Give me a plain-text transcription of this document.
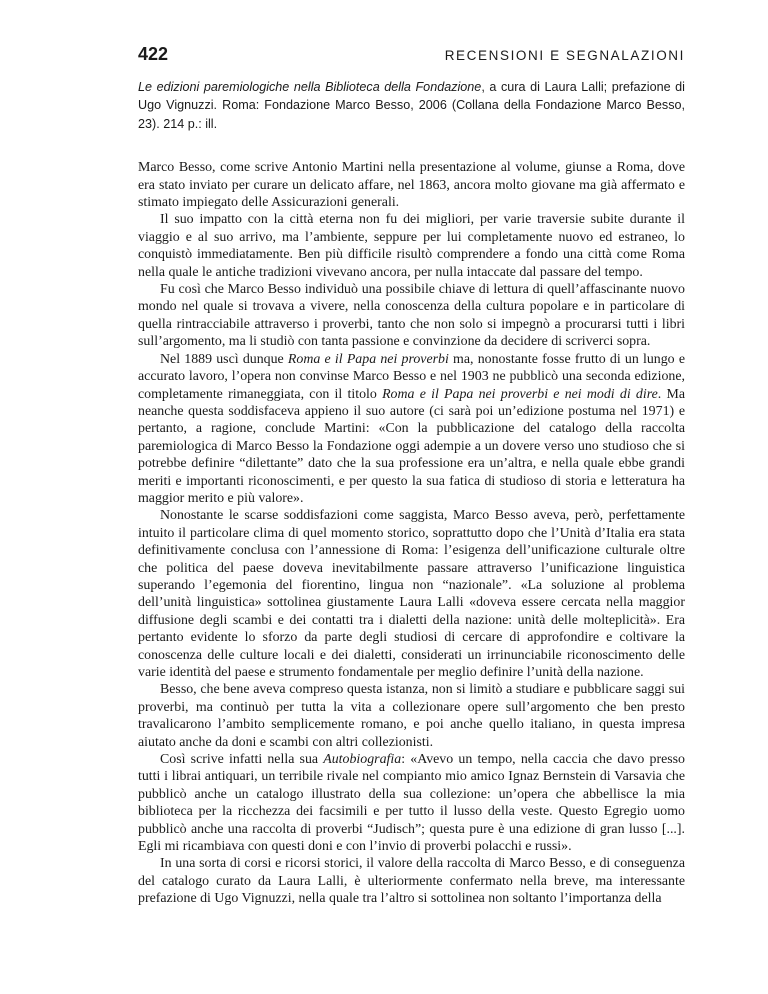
422	RECENSIONI E SEGNALAZIONI
Le edizioni paremiologiche nella Biblioteca della Fondazione, a cura di Laura Lalli; prefazione di Ugo Vignuzzi. Roma: Fondazione Marco Besso, 2006 (Collana della Fondazione Marco Besso, 23). 214 p.: ill.

Marco Besso, come scrive Antonio Martini nella presentazione al volume, giunse a Roma, dove era stato inviato per curare un delicato affare, nel 1863, ancora molto giovane ma già affermato e stimato impiegato delle Assicurazioni generali.

Il suo impatto con la città eterna non fu dei migliori, per varie traversie subite durante il viaggio e al suo arrivo, ma l’ambiente, seppure per lui completamente nuovo ed estraneo, lo conquistò immediatamente. Ben più difficile risultò comprendere a fondo una città come Roma nella quale le antiche tradizioni vivevano ancora, per nulla intaccate dal passare del tempo.

Fu così che Marco Besso individuò una possibile chiave di lettura di quell’affascinante nuovo mondo nel quale si trovava a vivere, nella conoscenza della cultura popolare e in particolare di quella rintracciabile attraverso i proverbi, tanto che non solo si impegnò a procurarsi tutti i libri sull’argomento, ma li studiò con tanta passione e convinzione da decidere di scriverci sopra.

Nel 1889 uscì dunque Roma e il Papa nei proverbi ma, nonostante fosse frutto di un lungo e accurato lavoro, l’opera non convinse Marco Besso e nel 1903 ne pubblicò una seconda edizione, completamente rimaneggiata, con il titolo Roma e il Papa nei proverbi e nei modi di dire. Ma neanche questa soddisfaceva appieno il suo autore (ci sarà poi un’edizione postuma nel 1971) e pertanto, a ragione, conclude Martini: «Con la pubblicazione del catalogo della raccolta paremiologica di Marco Besso la Fondazione oggi adempie a un dovere verso uno studioso che si potrebbe definire “dilettante” dato che la sua professione era un’altra, e nella quale ebbe grandi meriti e importanti riconoscimenti, e per questo la sua fatica di studioso di storia e letteratura ha maggior merito e più valore».

Nonostante le scarse soddisfazioni come saggista, Marco Besso aveva, però, perfettamente intuito il particolare clima di quel momento storico, soprattutto dopo che l’Unità d’Italia era stata definitivamente conclusa con l’annessione di Roma: l’esigenza dell’unificazione culturale oltre che politica del paese doveva inevitabilmente passare attraverso l’unificazione linguistica superando l’egemonia del fiorentino, lingua non “nazionale”. «La soluzione al problema dell’unità linguistica» sottolinea giustamente Laura Lalli «doveva essere cercata nella maggior diffusione degli scambi e dei contatti tra i dialetti della nazione: unità delle molteplicità». Era pertanto evidente lo sforzo da parte degli studiosi di cercare di approfondire e coltivare la conoscenza delle culture locali e dei dialetti, considerati un irrinunciabile riconoscimento delle varie identità del paese e strumento fondamentale per meglio definire l’unità della nazione.

Besso, che bene aveva compreso questa istanza, non si limitò a studiare e pubblicare saggi sui proverbi, ma continuò per tutta la vita a collezionare opere sull’argomento che ben presto travalicarono l’ambito semplicemente romano, e poi anche quello italiano, in questa impresa aiutato anche da doni e scambi con altri collezionisti.

Così scrive infatti nella sua Autobiografia: «Avevo un tempo, nella caccia che davo presso tutti i librai antiquari, un terribile rivale nel compianto mio amico Ignaz Bernstein di Varsavia che pubblicò anche un catalogo illustrato della sua collezione: un’opera che abbellisce la mia biblioteca per la ricchezza dei facsimili e per tutto il lusso della veste. Questo Egregio uomo pubblicò anche una raccolta di proverbi “Judisch”; questa pure è una edizione di gran lusso [...]. Egli mi ricambiava con questi doni e con l’invio di proverbi polacchi e russi».

In una sorta di corsi e ricorsi storici, il valore della raccolta di Marco Besso, e di conseguenza del catalogo curato da Laura Lalli, è ulteriormente confermato nella breve, ma interessante prefazione di Ugo Vignuzzi, nella quale tra l’altro si sottolinea non soltanto l’importanza della
